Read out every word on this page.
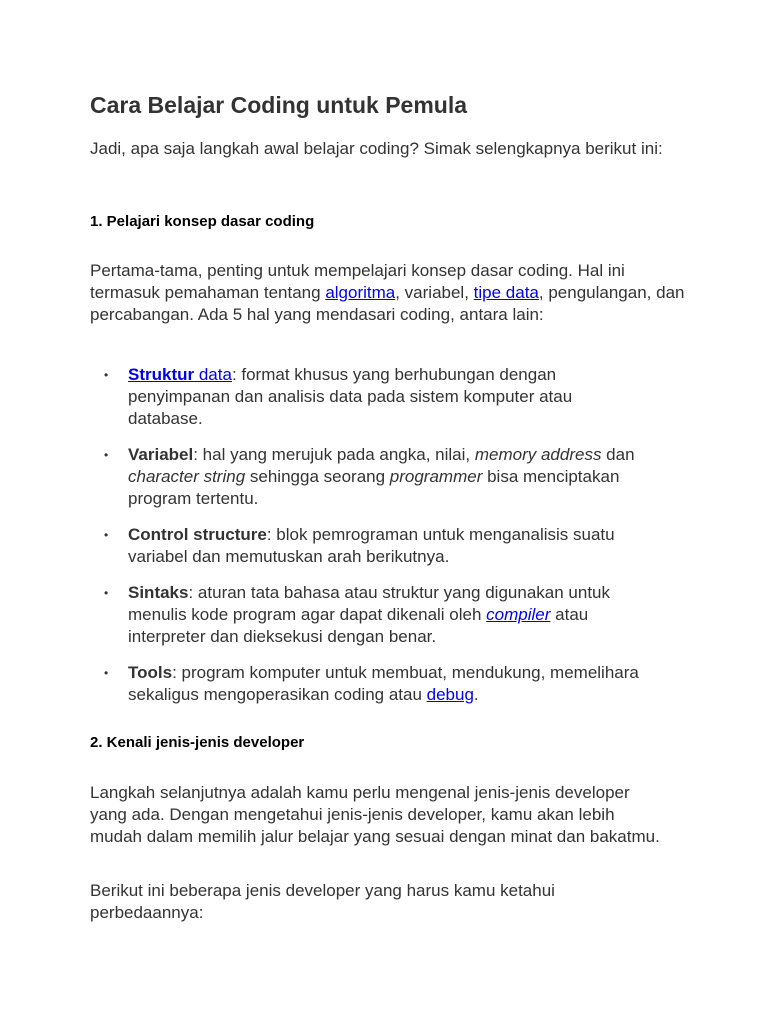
Cara Belajar Coding untuk Pemula

Jadi, apa saja langkah awal belajar coding? Simak selengkapnya berikut ini:

1. Pelajari konsep dasar coding

Pertama-tama, penting untuk mempelajari konsep dasar coding. Hal ini termasuk pemahaman tentang algoritma, variabel, tipe data, pengulangan, dan percabangan. Ada 5 hal yang mendasari coding, antara lain:

• Struktur data: format khusus yang berhubungan dengan penyimpanan dan analisis data pada sistem komputer atau database.
• Variabel: hal yang merujuk pada angka, nilai, memory address dan character string sehingga seorang programmer bisa menciptakan program tertentu.
• Control structure: blok pemrograman untuk menganalisis suatu variabel dan memutuskan arah berikutnya.
• Sintaks: aturan tata bahasa atau struktur yang digunakan untuk menulis kode program agar dapat dikenali oleh compiler atau interpreter dan dieksekusi dengan benar.
• Tools: program komputer untuk membuat, mendukung, memelihara sekaligus mengoperasikan coding atau debug.
2. Kenali jenis-jenis developer

Langkah selanjutnya adalah kamu perlu mengenal jenis-jenis developer yang ada. Dengan mengetahui jenis-jenis developer, kamu akan lebih mudah dalam memilih jalur belajar yang sesuai dengan minat dan bakatmu.

Berikut ini beberapa jenis developer yang harus kamu ketahui perbedaannya:
